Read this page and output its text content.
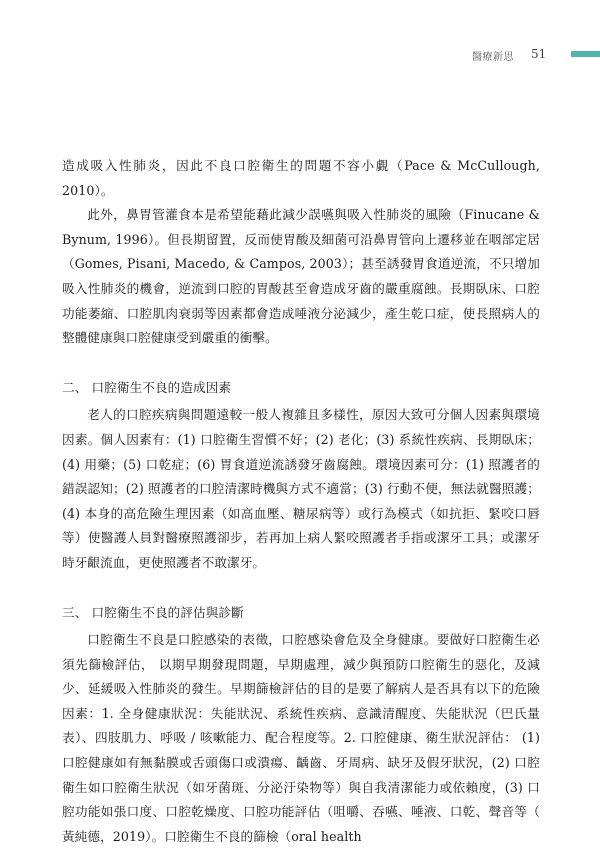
醫療新思 51

造成吸入性肺炎，因此不良口腔衛生的問題不容小覷（Pace & McCullough, 2010）。

此外，鼻胃管灌食本是希望能藉此減少誤嚥與吸入性肺炎的風險（Finucane & Bynum, 1996）。但長期留置，反而使胃酸及細菌可沿鼻胃管向上遷移並在咽部定居（Gomes, Pisani, Macedo, & Campos, 2003）；甚至誘發胃食道逆流，不只增加吸入性肺炎的機會，逆流到口腔的胃酸甚至會造成牙齒的嚴重腐蝕。長期臥床、口腔功能萎縮、口腔肌肉衰弱等因素都會造成唾液分泌減少，產生乾口症，使長照病人的整體健康與口腔健康受到嚴重的衝擊。

二、 口腔衛生不良的造成因素

老人的口腔疾病與問題遠較一般人複雜且多樣性，原因大致可分個人因素與環境因素。個人因素有：(1) 口腔衛生習慣不好；(2) 老化；(3) 系統性疾病、長期臥床；(4) 用藥；(5) 口乾症；(6) 胃食道逆流誘發牙齒腐蝕。環境因素可分：(1) 照護者的錯誤認知；(2) 照護者的口腔清潔時機與方式不適當；(3) 行動不便，無法就醫照護；(4) 本身的高危險生理因素（如高血壓、糖尿病等）或行為模式（如抗拒、緊咬口唇等）使醫護人員對醫療照護卻步，若再加上病人緊咬照護者手指或潔牙工具；或潔牙時牙齦流血，更使照護者不敢潔牙。

三、 口腔衛生不良的評估與診斷

口腔衛生不良是口腔感染的表徵，口腔感染會危及全身健康。要做好口腔衛生必須先篩檢評估， 以期早期發現問題，早期處理，減少與預防口腔衛生的惡化，及減少、延緩吸入性肺炎的發生。早期篩檢評估的目的是要了解病人是否具有以下的危險因素：1. 全身健康狀況：失能狀況、系統性疾病、意識清醒度、失能狀況（巴氏量表）、四肢肌力、呼吸 / 咳嗽能力、配合程度等。2. 口腔健康、衛生狀況評估： (1) 口腔健康如有無黏膜或舌頭傷口或潰瘍、齲齒、牙周病、缺牙及假牙狀況，(2) 口腔衛生如口腔衛生狀況（如牙菌斑、分泌汙染物等）與自我清潔能力或依賴度，(3) 口腔功能如張口度、口腔乾燥度、口腔功能評估（咀嚼、吞嚥、唾液、口乾、聲音等（ 黃純德，2019）。口腔衛生不良的篩檢（oral health
